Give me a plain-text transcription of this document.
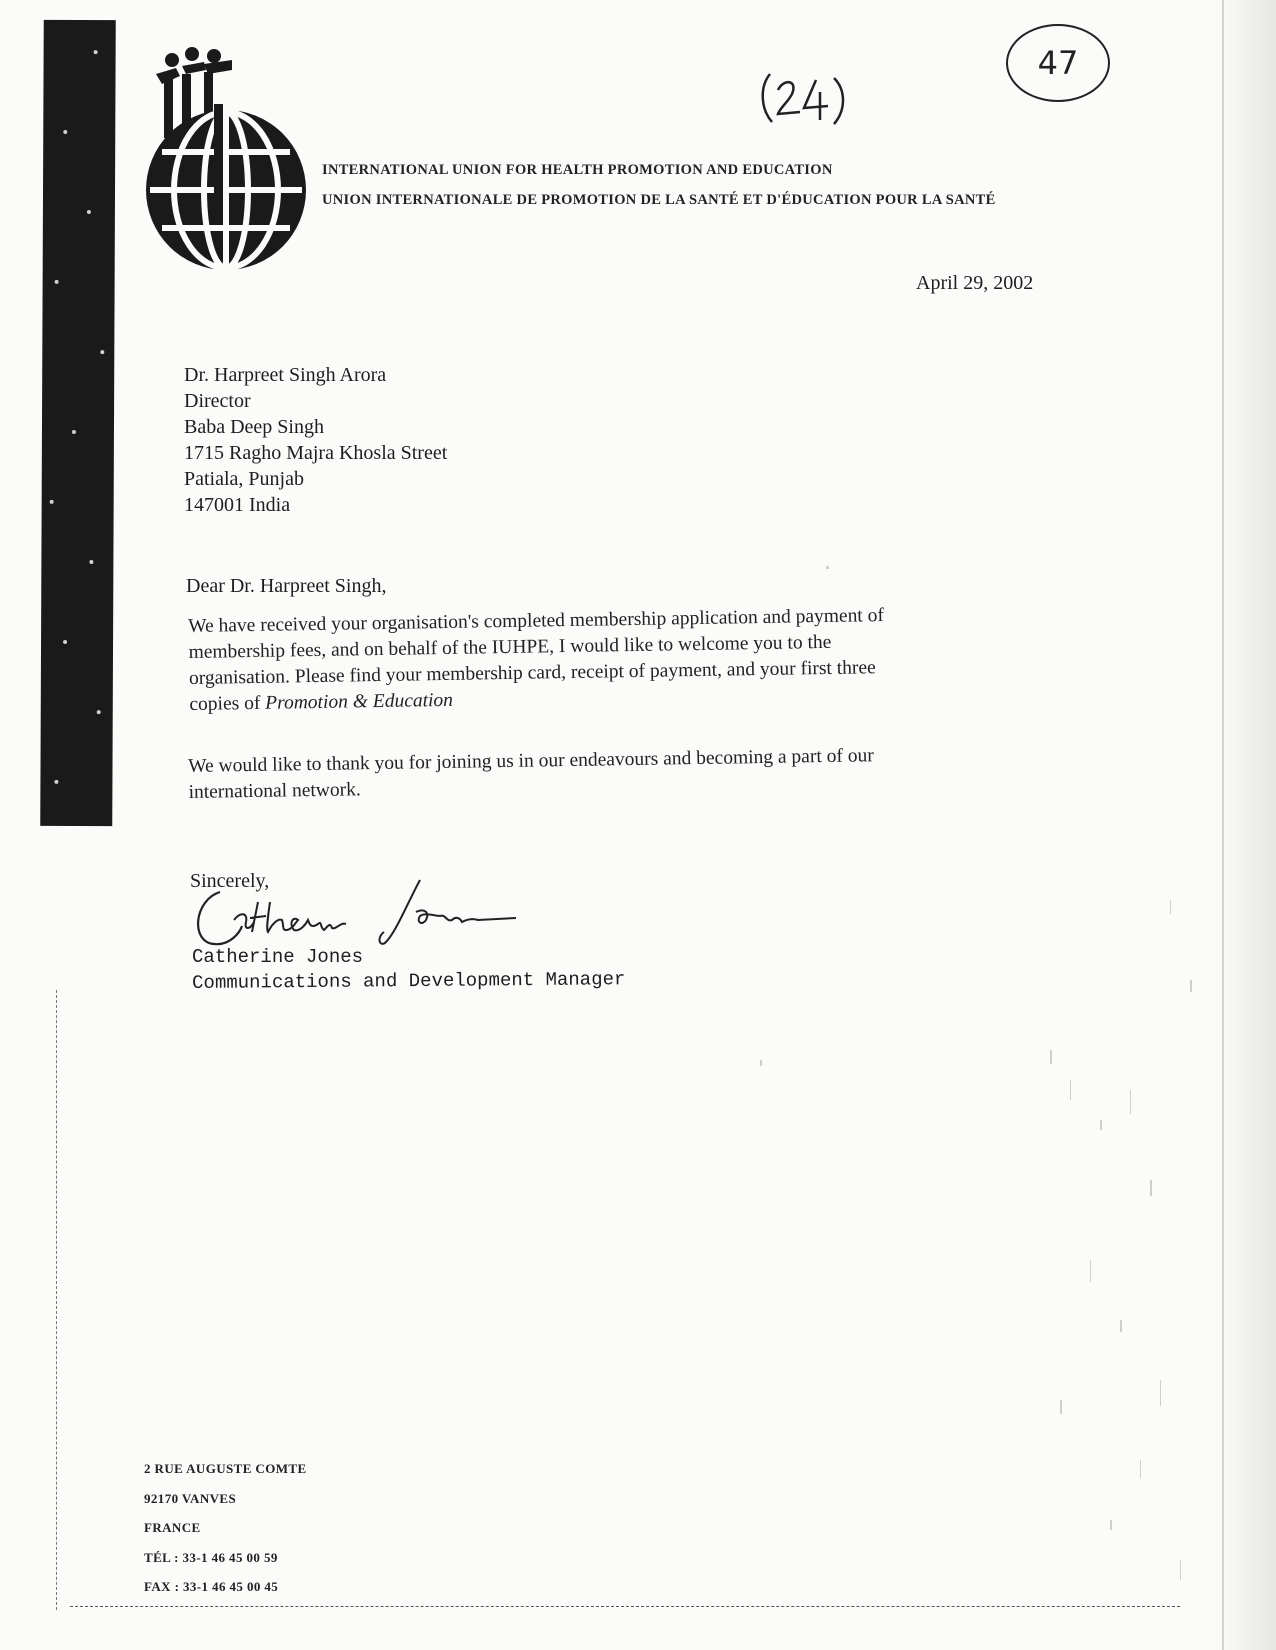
INTERNATIONAL UNION FOR HEALTH PROMOTION AND EDUCATION
UNION INTERNATIONALE DE PROMOTION DE LA SANTÉ ET D'ÉDUCATION POUR LA SANTÉ
47
April 29, 2002
Dr. Harpreet Singh Arora
Director
Baba Deep Singh
1715 Ragho Majra Khosla Street
Patiala, Punjab
147001 India
Dear Dr. Harpreet Singh,
We have received your organisation's completed membership application and payment of
membership fees, and on behalf of the IUHPE, I would like to welcome you to the
organisation. Please find your membership card, receipt of payment, and your first three
copies of Promotion & Education
We would like to thank you for joining us in our endeavours and becoming a part of our
international network.
Sincerely,
Catherine Jones
Communications and Development Manager
2 RUE AUGUSTE COMTE
92170 VANVES
FRANCE
TÉL : 33-1 46 45 00 59
FAX : 33-1 46 45 00 45
